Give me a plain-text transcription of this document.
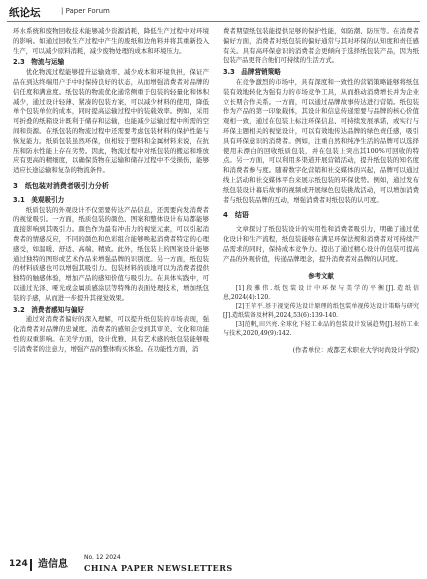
纸论坛	| Paper Forum

环水系统和废物回收技术能够减少资源消耗，降低生产过程中对环境的影响。如通过回收生产过程中产生的废纸和边角料并将其重新投入生产，可以减少原料消耗，减少废物处理的成本和环境压力。

2.3　物流与运输

优化物流过程能够提升运输效率、减少成本和环境负担，保证产品在到达终端用户手中时保持良好的状态，从而增强消费者对品牌的信任度和满意度。纸包装的物流优化通常侧重于包装的轻量化和体积减少，通过设计轻薄、紧凑的包装方案，可以减少材料的使用，降低单个包装单位的成本，同时提高运输过程中的装载效率。例如，采用可折叠的纸箱设计既利于储存和运输，也能减少运输过程中所需的空间和资源。在纸包装的物流过程中还需要考虑包装材料的保护性能与恢复能力。纸质包装虽然环保，但相较于塑料和金属材料来说，在抗压和防水性能上存在劣势。因此，物流过程中对纸包装的搬运和堆放应有更高的精细度，以确保货物在运输和储存过程中不受损伤，能够适应长途运输和复杂的物流条件。

3　纸包装对消费者吸引力分析
3.1　美观吸引力

纸质包装的外观设计不仅需要传达产品信息，还需要向发消费者的视觉吸引。一方面，纸质包装的颜色、图案和整体设计布局都能够直接影响到其吸引力。颜色作为最有冲击力的视觉元素，可以引起消费者的情感反应，不同的颜色和色彩组合能够唤起消费者特定的心理感受，如温暖、舒适、高端、精致。此外，纸包装上的图案设计能够通过独特的图形或艺术作品来增强品牌的识别度。另一方面，纸包装的材料质感也可以增强其吸引力。包装材料的质地可以为消费者提供独特的触感体验，增加产品的感知价值与吸引力。在具体实践中，可以通过光泽、哑光或金属质感涂层等特殊的表面处理技术，增加纸包装的手感，从而进一步提升其视觉效果。

3.2　消费者感知与偏好

通过对消费者偏好的深入理解，可以提升纸包装的市场表现，强化消费者对品牌的忠诚度。消费者的感知会受到其审美、文化和功能性的双重影响。在美学方面，设计优雅、具有艺术感的纸包装能够吸引消费者的注意力，增强产品的整体购买体验。在功能性方面，消

费者期望纸包装能提供足够的保护性能，如防潮、防压等。在消费者偏好方面，消费者对纸包装的偏好通常与其对环保的认知度和责任感有关。具有高环保意识的消费者会更倾向于选择纸包装产品，因为纸包装产品更符合他们可持续的生活方式。

3.3　品牌营销策略

在竞争激烈的市场中，具有深度和一致性的营销策略能够将纸包装有效地转化为强有力的市场竞争工具，从而推动消费增长并为企业立长期合作关系。一方面，可以通过品牌故事传达进行营销。纸包装作为产品的第一印象载体，其设计和信息传递需要与品牌的核心价值观相一致，通过在包装上标注环保信息、可持续发展承诺，或实行与环保主题相关的视觉设计，可以有效地传达品牌的绿色责任感，吸引具有环保意识的消费者。例如，注重自然和纯净生活的品牌可以选择使用未漂白的回收纸质包装，并在包装上突出其100%可回收的特点。另一方面，可以利用多渠道开展营销活动，提升纸包装的知名度和消费者参与度。随着数字化营销和社交媒体的兴起，品牌可以通过线上活动和社交媒体平台来展示纸包装的环保优势。例如，通过发布纸包装设计幕后故事的视频或开展绿色包装挑战活动，可以增加消费者与纸包装品牌的互动，增强消费者对纸包装的认可度。

4　结语

文章探讨了纸包装设计的实用性和消费者吸引力，明确了通过优化设计和生产流程，纸包装能够在满足环保法规和消费者对可持续产品需求的同时，保持成本竞争力。提出了通过精心设计的包装可提高产品的外观价值，传递品牌理念，提升消费者对品牌的认同度。

参考文献

[1]段雅伟.纸包装设计中环保与美学的平衡[J].造纸信息,2024(4):120.

[2]王苹平.基于视觉传达设计原理的纸包装单视传达设计策略与研究[J].造纸装备及材料,2024,53(6):139-140.

[3]范帆,田兴亮.全球化下轻工业品的包装设计发展趋势[J].轻纺工业与技术,2020,49(9):142.

(作者单位：成都艺术职业大学时尚设计学院)
124 造信息
No. 12 2024
CHINA PAPER NEWSLETTERS
